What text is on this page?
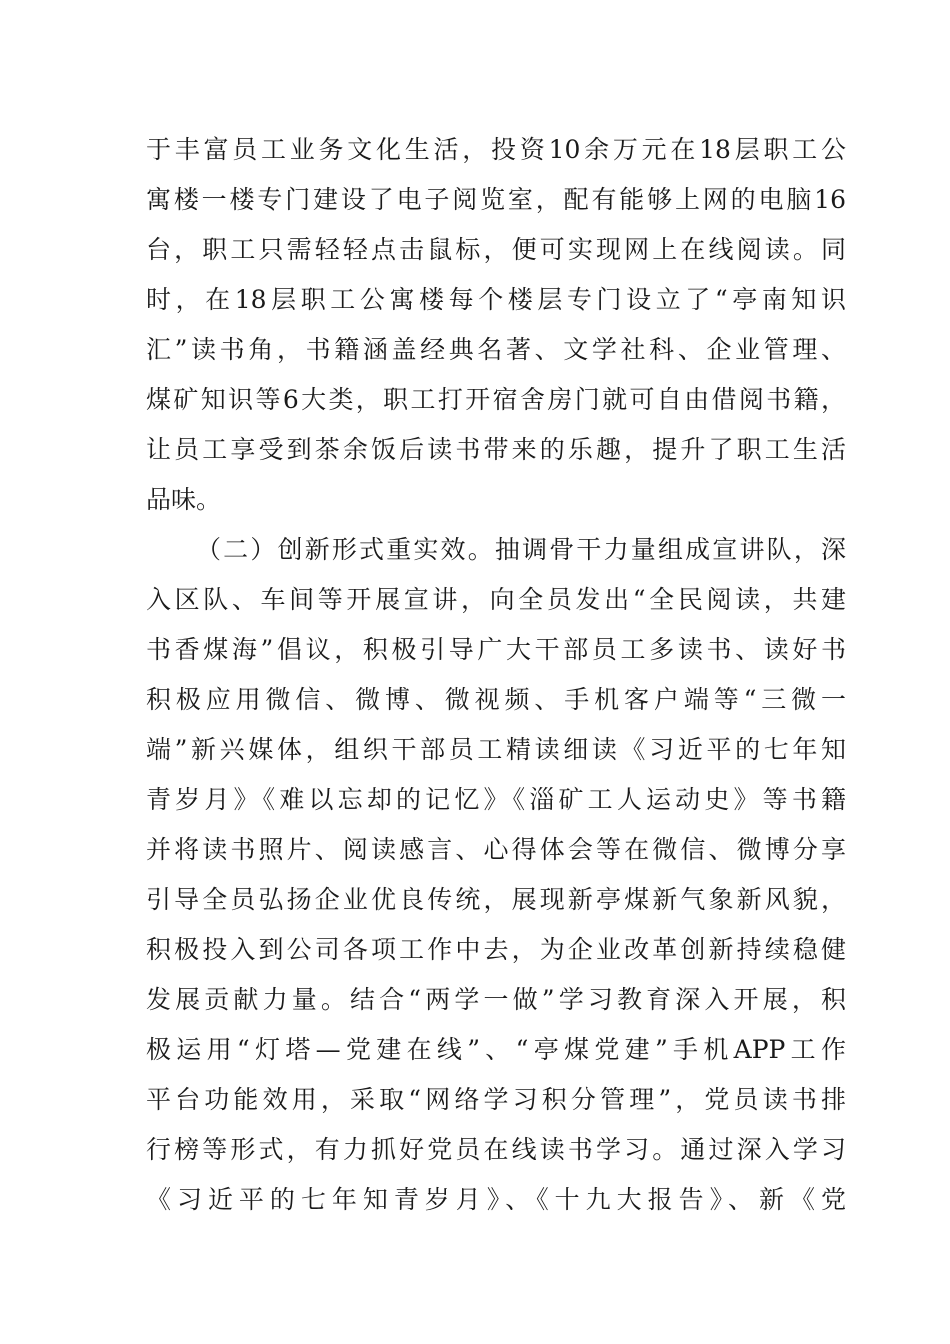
于丰富员工业务文化生活，投资10余万元在18层职工公

寓楼一楼专门建设了电子阅览室，配有能够上网的电脑16

台，职工只需轻轻点击鼠标，便可实现网上在线阅读。同

时，在18层职工公寓楼每个楼层专门设立了“亭南知识

汇”读书角，书籍涵盖经典名著、文学社科、企业管理、

煤矿知识等6大类，职工打开宿舍房门就可自由借阅书籍，

让员工享受到茶余饭后读书带来的乐趣，提升了职工生活

品味。

（二）创新形式重实效。抽调骨干力量组成宣讲队，深

入区队、车间等开展宣讲，向全员发出“全民阅读，共建

书香煤海”倡议，积极引导广大干部员工多读书、读好书

积极应用微信、微博、微视频、手机客户端等“三微一

端”新兴媒体，组织干部员工精读细读《习近平的七年知

青岁月》《难以忘却的记忆》《淄矿工人运动史》等书籍

并将读书照片、阅读感言、心得体会等在微信、微博分享

引导全员弘扬企业优良传统，展现新亭煤新气象新风貌，

积极投入到公司各项工作中去，为企业改革创新持续稳健

发展贡献力量。结合“两学一做”学习教育深入开展，积

极运用“灯塔—党建在线”、“亭煤党建”手机APP工作

平台功能效用，采取“网络学习积分管理”，党员读书排

行榜等形式，有力抓好党员在线读书学习。通过深入学习

《习近平的七年知青岁月》、《十九大报告》、新《党
